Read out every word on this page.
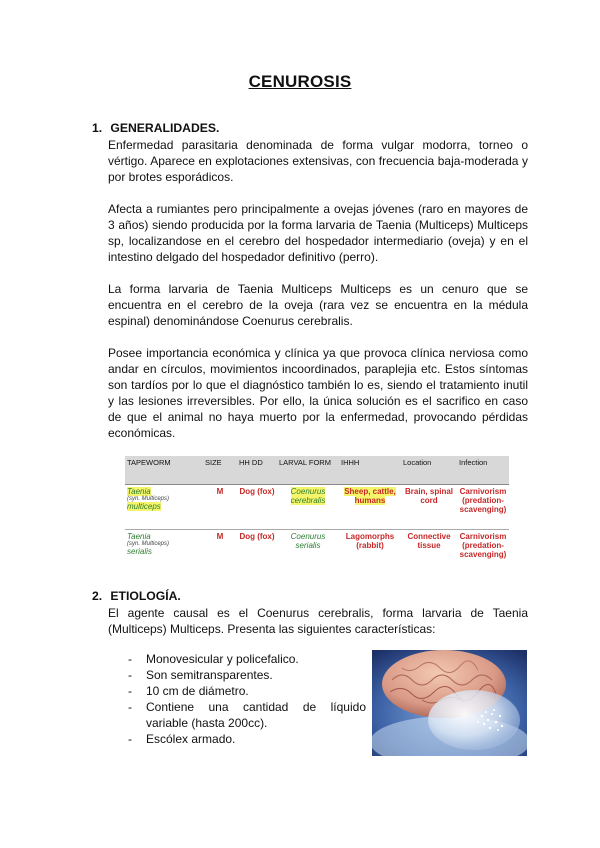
CENUROSIS
1. GENERALIDADES.

Enfermedad parasitaria denominada de forma vulgar modorra, torneo o vértigo. Aparece en explotaciones extensivas, con frecuencia baja-moderada y por brotes esporádicos.

Afecta a rumiantes pero principalmente a ovejas jóvenes (raro en mayores de 3 años) siendo producida por la forma larvaria de Taenia (Multiceps) Multiceps sp, localizandose en el cerebro del hospedador intermediario (oveja) y en el intestino delgado del hospedador definitivo (perro).

La forma larvaria de Taenia Multiceps Multiceps es un cenuro que se encuentra en el cerebro de la oveja (rara vez se encuentra en la médula espinal) denominándose Coenurus cerebralis.

Posee importancia económica y clínica ya que provoca clínica nerviosa como andar en círculos, movimientos incoordinados, paraplejia etc. Estos síntomas son tardíos por lo que el diagnóstico también lo es, siendo el tratamiento inutil y las lesiones irreversibles. Por ello, la única solución es el sacrifico en caso de que el animal no haya muerto por la enfermedad, provocando pérdidas económicas.

TAPEWORM	SIZE	HH DD	LARVAL FORM	IHHH	Location	Infection
Taenia
(syn. Multiceps)
multiceps	M	Dog (fox)	Coenurus cerebralis	Sheep, cattle, humans	Brain, spinal cord	Carnivorism (predation-scavenging)
Taenia
(syn. Multiceps)
serialis	M	Dog (fox)	Coenurus serialis	Lagomorphs (rabbit)	Connective tissue	Carnivorism (predation-scavenging)
2. ETIOLOGÍA.

El agente causal es el Coenurus cerebralis, forma larvaria de Taenia (Multiceps) Multiceps. Presenta las siguientes características:

- Monovesicular y policefalico.
- Son semitransparentes.
- 10 cm de diámetro.
- Contiene una cantidad de líquido variable (hasta 200cc).
- Escólex armado.
